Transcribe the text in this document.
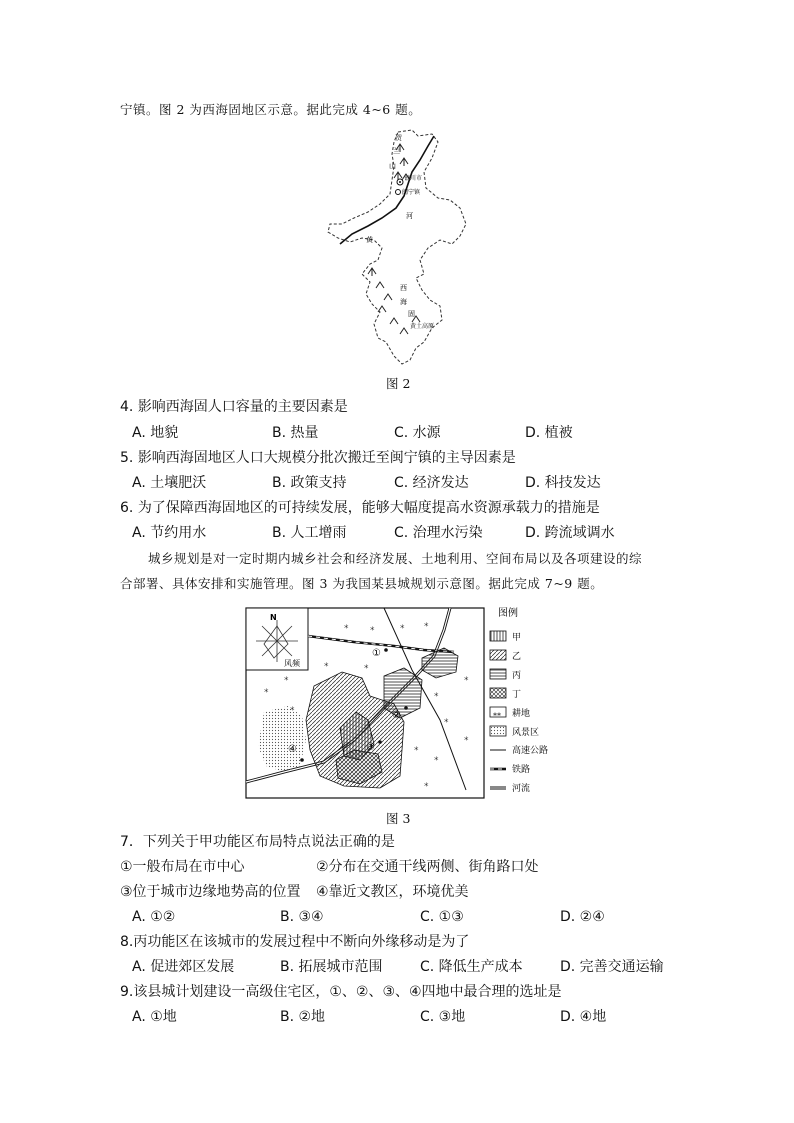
宁镇。图 2 为西海固地区示意。据此完成 4~6 题。
贺
兰
山
银川市
闽宁镇
河
黄
西
海
固
黄土高原
图 2
4. 影响西海固人口容量的主要因素是
A. 地貌	B. 热量	C. 水源	D. 植被
5. 影响西海固地区人口大规模分批次搬迁至闽宁镇的主导因素是
A. 土壤肥沃	B. 政策支持	C. 经济发达	D. 科技发达
6. 为了保障西海固地区的可持续发展，能够大幅度提高水资源承载力的措施是
A. 节约用水	B. 人工增雨	C. 治理水污染	D. 跨流域调水
城乡规划是对一定时期内城乡社会和经济发展、土地利用、空间布局以及各项建设的综
合部署、具体安排和实施管理。图 3 为我国某县城规划示意图。据此完成 7~9 题。
N
风频
⁎ ⁎	⁎ ⁎
⁎	⁎
⁎
⁎
⁎
⁎
⁎
⁎
⁎
⁎
⁎
⁎
①
②
③
④
图例
甲
乙
丙
丁
⁎⁎ 耕地
风景区
高速公路
铁路
河流
图 3
7．下列关于甲功能区布局特点说法正确的是
①一般布局在市中心	②分布在交通干线两侧、街角路口处
③位于城市边缘地势高的位置 ④靠近文教区，环境优美
A. ①②	B. ③④	C. ①③	D. ②④
8.丙功能区在该城市的发展过程中不断向外缘移动是为了
A. 促进郊区发展	B. 拓展城市范围	C. 降低生产成本	D. 完善交通运输
9.该县城计划建设一高级住宅区，①、②、③、④四地中最合理的选址是
A. ①地	B. ②地	C. ③地	D. ④地
